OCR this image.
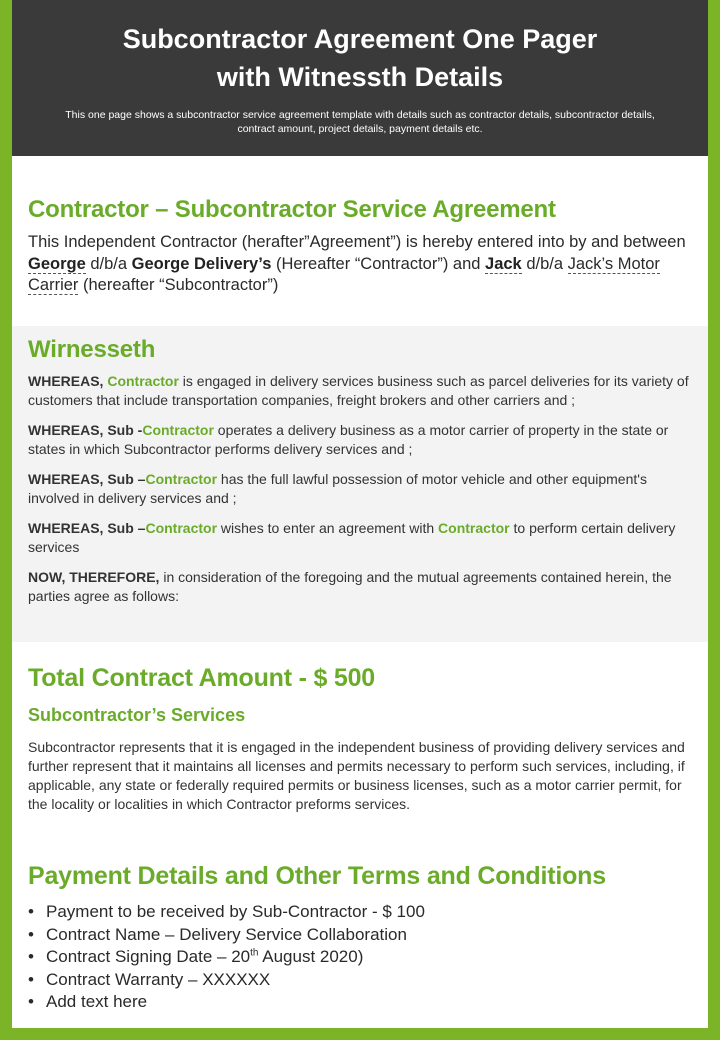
Subcontractor Agreement One Pager
with Witnessth Details
This one page shows a subcontractor service agreement template with details such as contractor details, subcontractor details, contract amount, project details, payment details etc.
Contractor – Subcontractor Service Agreement
This Independent Contractor (herafter”Agreement”) is hereby entered into by and between George d/b/a George Delivery’s (Hereafter “Contractor”) and Jack d/b/a Jack’s Motor Carrier (hereafter “Subcontractor”)
Wirnesseth

WHEREAS, Contractor is engaged in delivery services business such as parcel deliveries for its variety of customers that include transportation companies, freight brokers and other carriers and ;

WHEREAS, Sub -Contractor operates a delivery business as a motor carrier of property in the state or states in which Subcontractor performs delivery services and ;

WHEREAS, Sub –Contractor has the full lawful possession of motor vehicle and other equipment's involved in delivery services and ;

WHEREAS, Sub –Contractor wishes to enter an agreement with Contractor to perform certain delivery services

NOW, THEREFORE, in consideration of the foregoing and the mutual agreements contained herein, the parties agree as follows:

Total Contract Amount - $ 500
Subcontractor’s Services
Subcontractor represents that it is engaged in the independent business of providing delivery services and further represent that it maintains all licenses and permits necessary to perform such services, including, if applicable, any state or federally required permits or business licenses, such as a motor carrier permit, for the locality or localities in which Contractor preforms services.
Payment Details and Other Terms and Conditions
• Payment to be received by Sub-Contractor - $ 100
• Contract Name – Delivery Service Collaboration
• Contract Signing Date – 20th August 2020)
• Contract Warranty – XXXXXX
• Add text here
